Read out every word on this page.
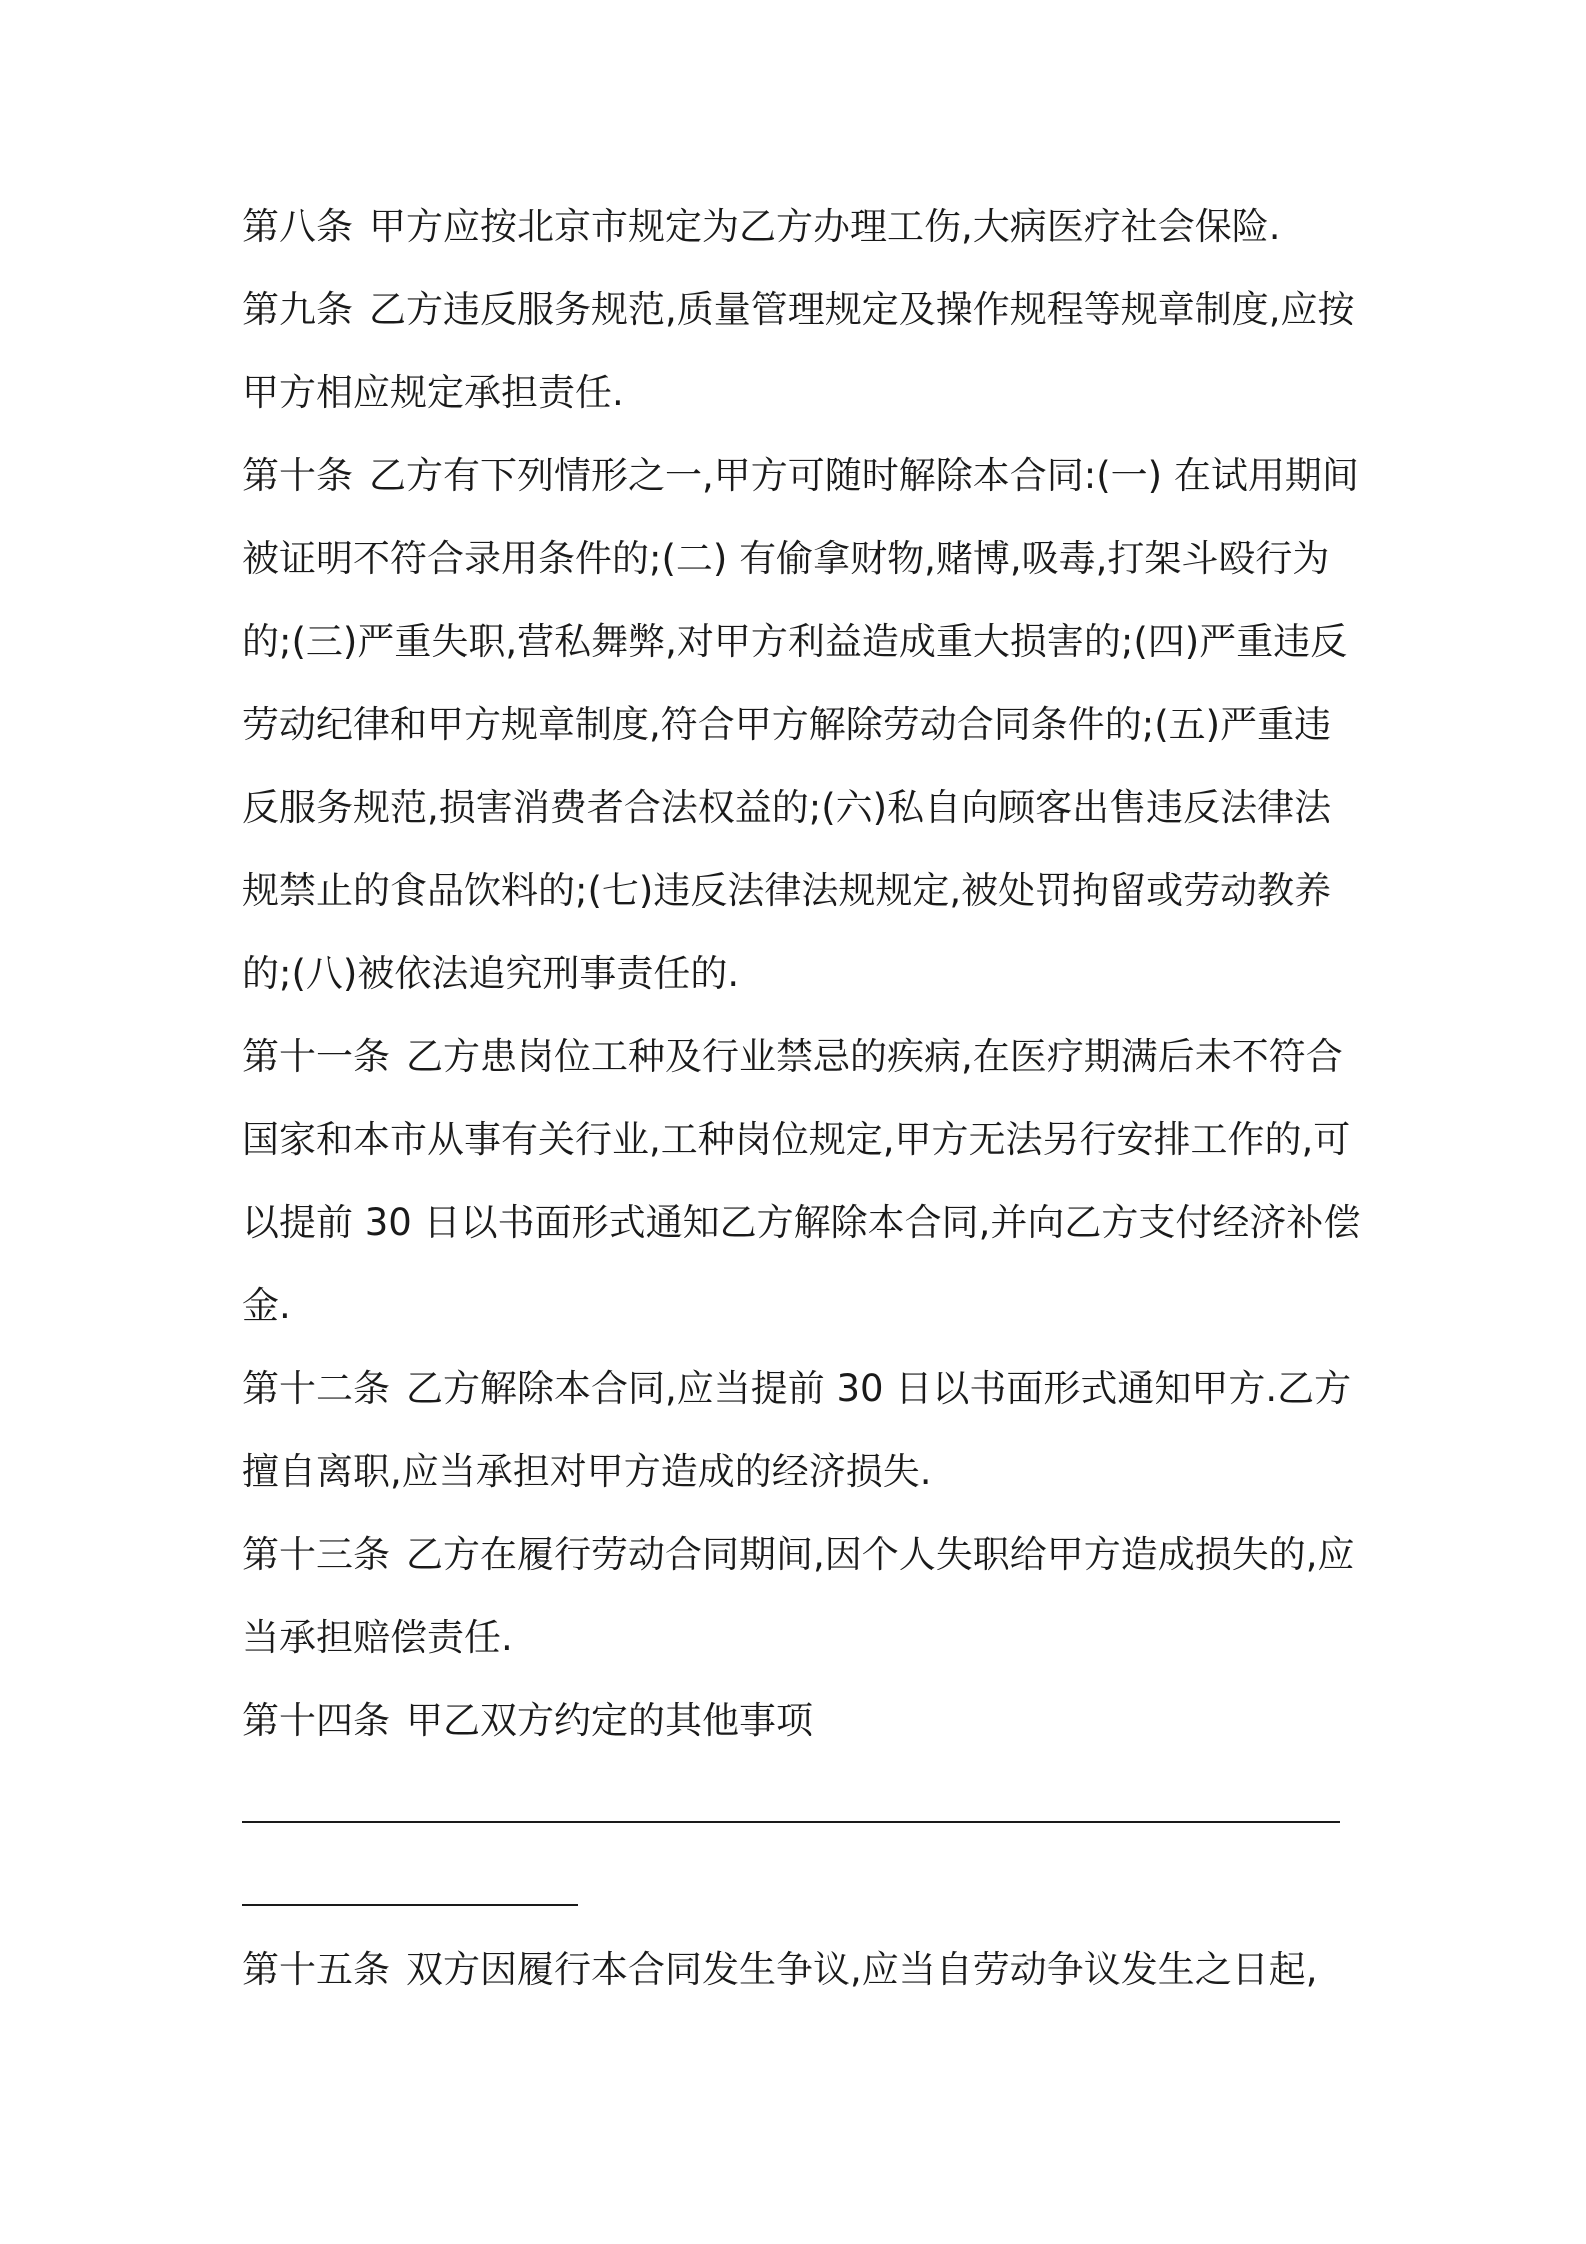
第八条 甲方应按北京市规定为乙方办理工伤,大病医疗社会保险.

第九条 乙方违反服务规范,质量管理规定及操作规程等规章制度,应按甲方相应规定承担责任.

第十条 乙方有下列情形之一,甲方可随时解除本合同:(一) 在试用期间被证明不符合录用条件的;(二) 有偷拿财物,赌博,吸毒,打架斗殴行为的;(三)严重失职,营私舞弊,对甲方利益造成重大损害的;(四)严重违反劳动纪律和甲方规章制度,符合甲方解除劳动合同条件的;(五)严重违反服务规范,损害消费者合法权益的;(六)私自向顾客出售违反法律法规禁止的食品饮料的;(七)违反法律法规规定,被处罚拘留或劳动教养的;(八)被依法追究刑事责任的.

第十一条 乙方患岗位工种及行业禁忌的疾病,在医疗期满后未不符合国家和本市从事有关行业,工种岗位规定,甲方无法另行安排工作的,可以提前 30 日以书面形式通知乙方解除本合同,并向乙方支付经济补偿金.

第十二条 乙方解除本合同,应当提前 30 日以书面形式通知甲方.乙方擅自离职,应当承担对甲方造成的经济损失.

第十三条 乙方在履行劳动合同期间,因个人失职给甲方造成损失的,应当承担赔偿责任.

第十四条 甲乙双方约定的其他事项

第十五条 双方因履行本合同发生争议,应当自劳动争议发生之日起,
